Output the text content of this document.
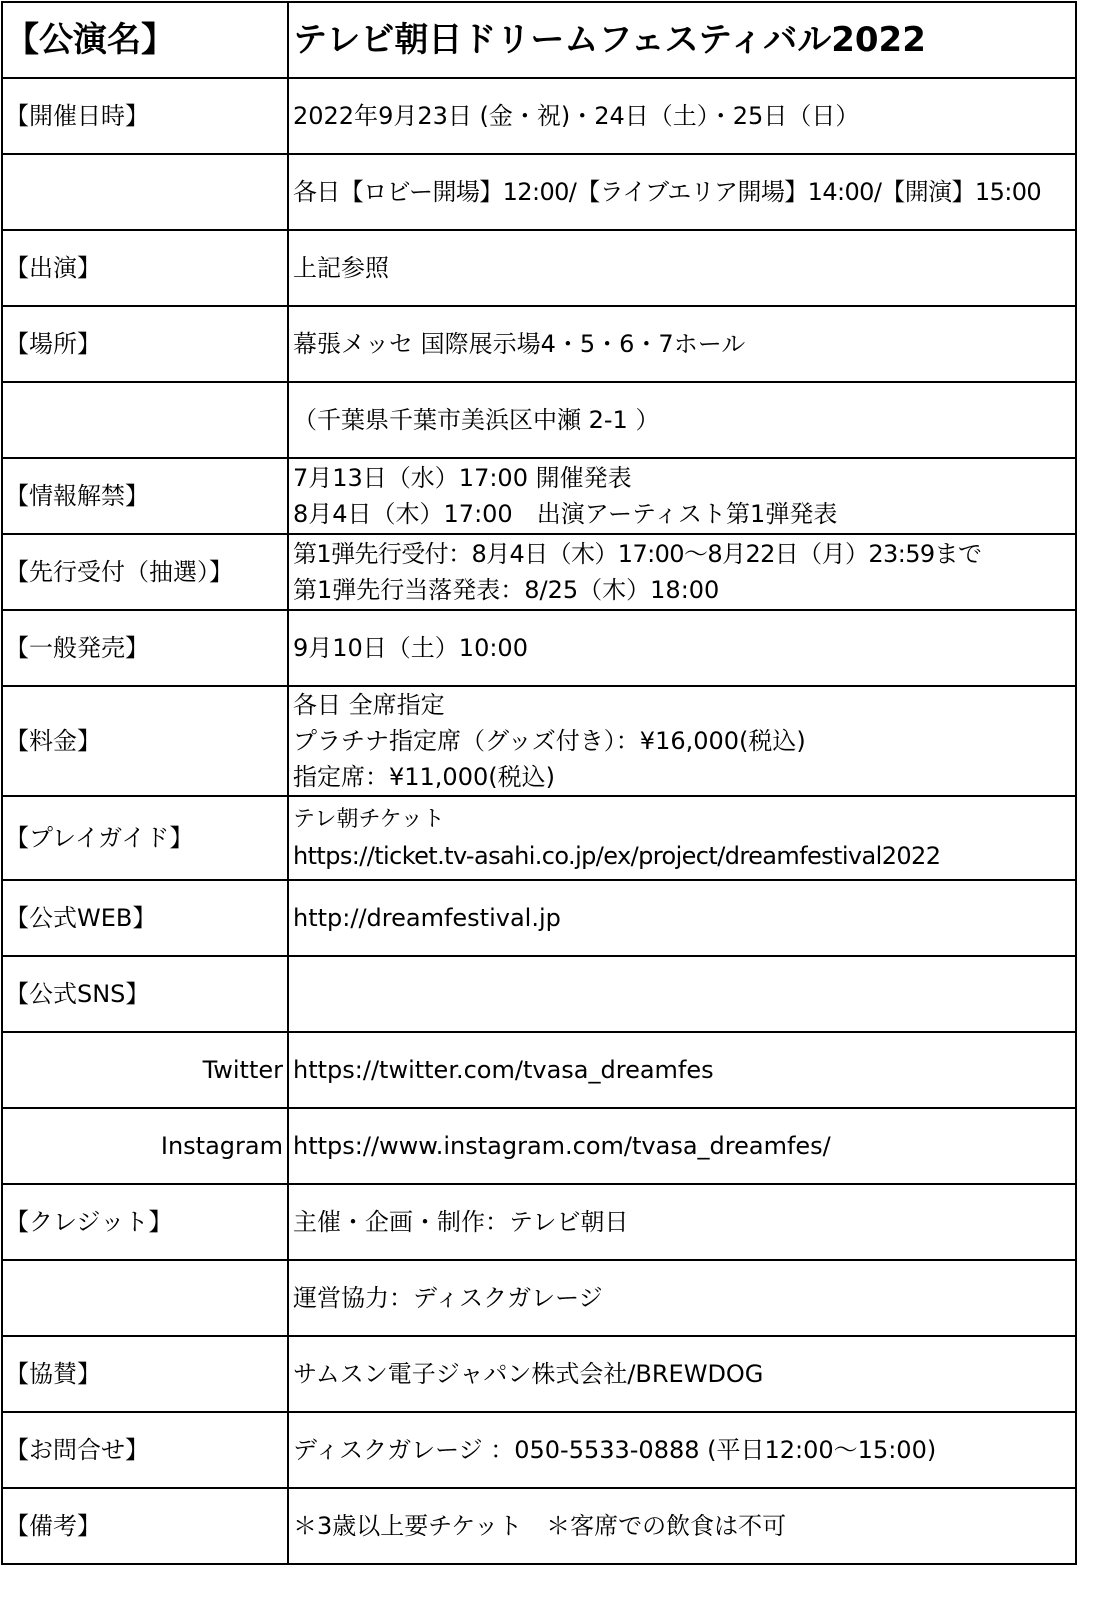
【公演名】	テレビ朝日ドリームフェスティバル2022

【開催日時】	2022年9月23日 (金・祝)・24日（土）・25日（日）

	各日【ロビー開場】12:00/【ライブエリア開場】14:00/【開演】15:00

【出演】	上記参照

【場所】	幕張メッセ 国際展示場4・5・6・7ホール

	（千葉県千葉市美浜区中瀬 2-1 ）

【情報解禁】	7月13日（水）17:00 開催発表
8月4日（木）17:00　出演アーティスト第1弾発表

【先行受付（抽選）】	第1弾先行受付：8月4日（木）17:00～8月22日（月）23:59まで
第1弾先行当落発表：8/25（木）18:00

【一般発売】	9月10日（土）10:00

【料金】	各日 全席指定
プラチナ指定席（グッズ付き）：¥16,000(税込)
指定席：¥11,000(税込)

【プレイガイド】	テレ朝チケット
https://ticket.tv-asahi.co.jp/ex/project/dreamfestival2022

【公式WEB】	http://dreamfestival.jp

【公式SNS】	

Twitter	https://twitter.com/tvasa_dreamfes

Instagram	https://www.instagram.com/tvasa_dreamfes/

【クレジット】	主催・企画・制作：テレビ朝日

	運営協力：ディスクガレージ

【協賛】	サムスン電子ジャパン株式会社/BREWDOG

【お問合せ】	ディスクガレージ ：050-5533-0888 (平日12:00～15:00)

【備考】	＊3歳以上要チケット　＊客席での飲食は不可
